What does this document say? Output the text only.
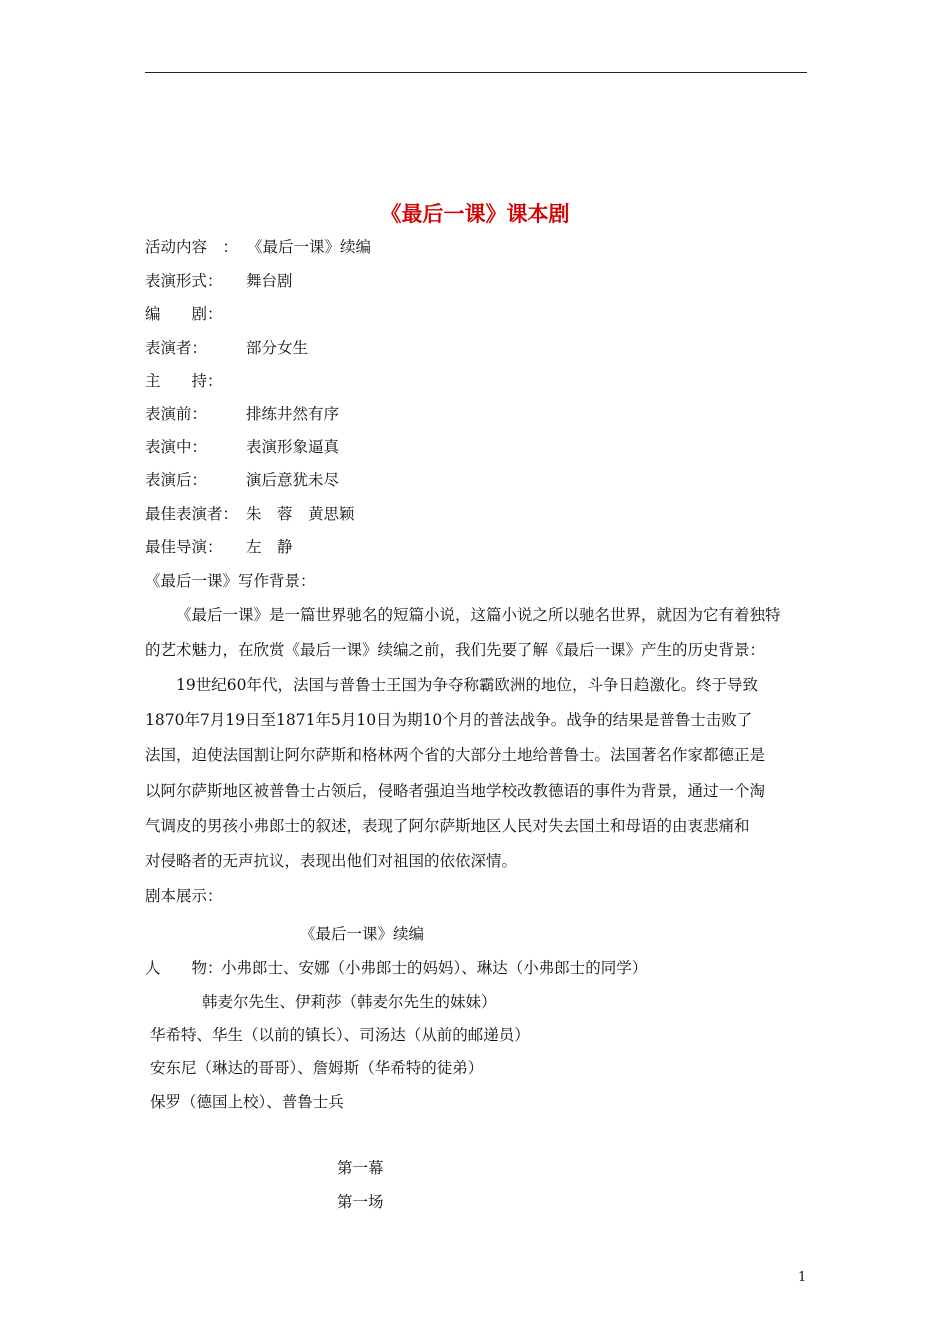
《最后一课》课本剧
活动内容　： 《最后一课》续编
表演形式： 舞台剧
编　　剧：
表演者：	部分女生
主　　持：
表演前：	排练井然有序
表演中：	表演形象逼真
表演后：	演后意犹未尽
最佳表演者： 朱　蓉　黄思颖
最佳导演： 左　静
《最后一课》写作背景：
《最后一课》是一篇世界驰名的短篇小说，这篇小说之所以驰名世界，就因为它有着独特
的艺术魅力，在欣赏《最后一课》续编之前，我们先要了解《最后一课》产生的历史背景：
19世纪60年代，法国与普鲁士王国为争夺称霸欧洲的地位，斗争日趋激化。终于导致
1870年7月19日至1871年5月10日为期10个月的普法战争。战争的结果是普鲁士击败了
法国，迫使法国割让阿尔萨斯和格林两个省的大部分土地给普鲁士。法国著名作家都德正是
以阿尔萨斯地区被普鲁士占领后，侵略者强迫当地学校改教德语的事件为背景，通过一个淘
气调皮的男孩小弗郎士的叙述，表现了阿尔萨斯地区人民对失去国土和母语的由衷悲痛和
对侵略者的无声抗议，表现出他们对祖国的依依深情。
剧本展示：
《最后一课》续编
人　　物：小弗郎士、安娜（小弗郎士的妈妈）、琳达（小弗郎士的同学）
韩麦尔先生、伊莉莎（韩麦尔先生的妹妹）
华希特、华生（以前的镇长）、司汤达（从前的邮递员）
安东尼（琳达的哥哥）、詹姆斯（华希特的徒弟）
保罗（德国上校）、普鲁士兵
第一幕
第一场
1
